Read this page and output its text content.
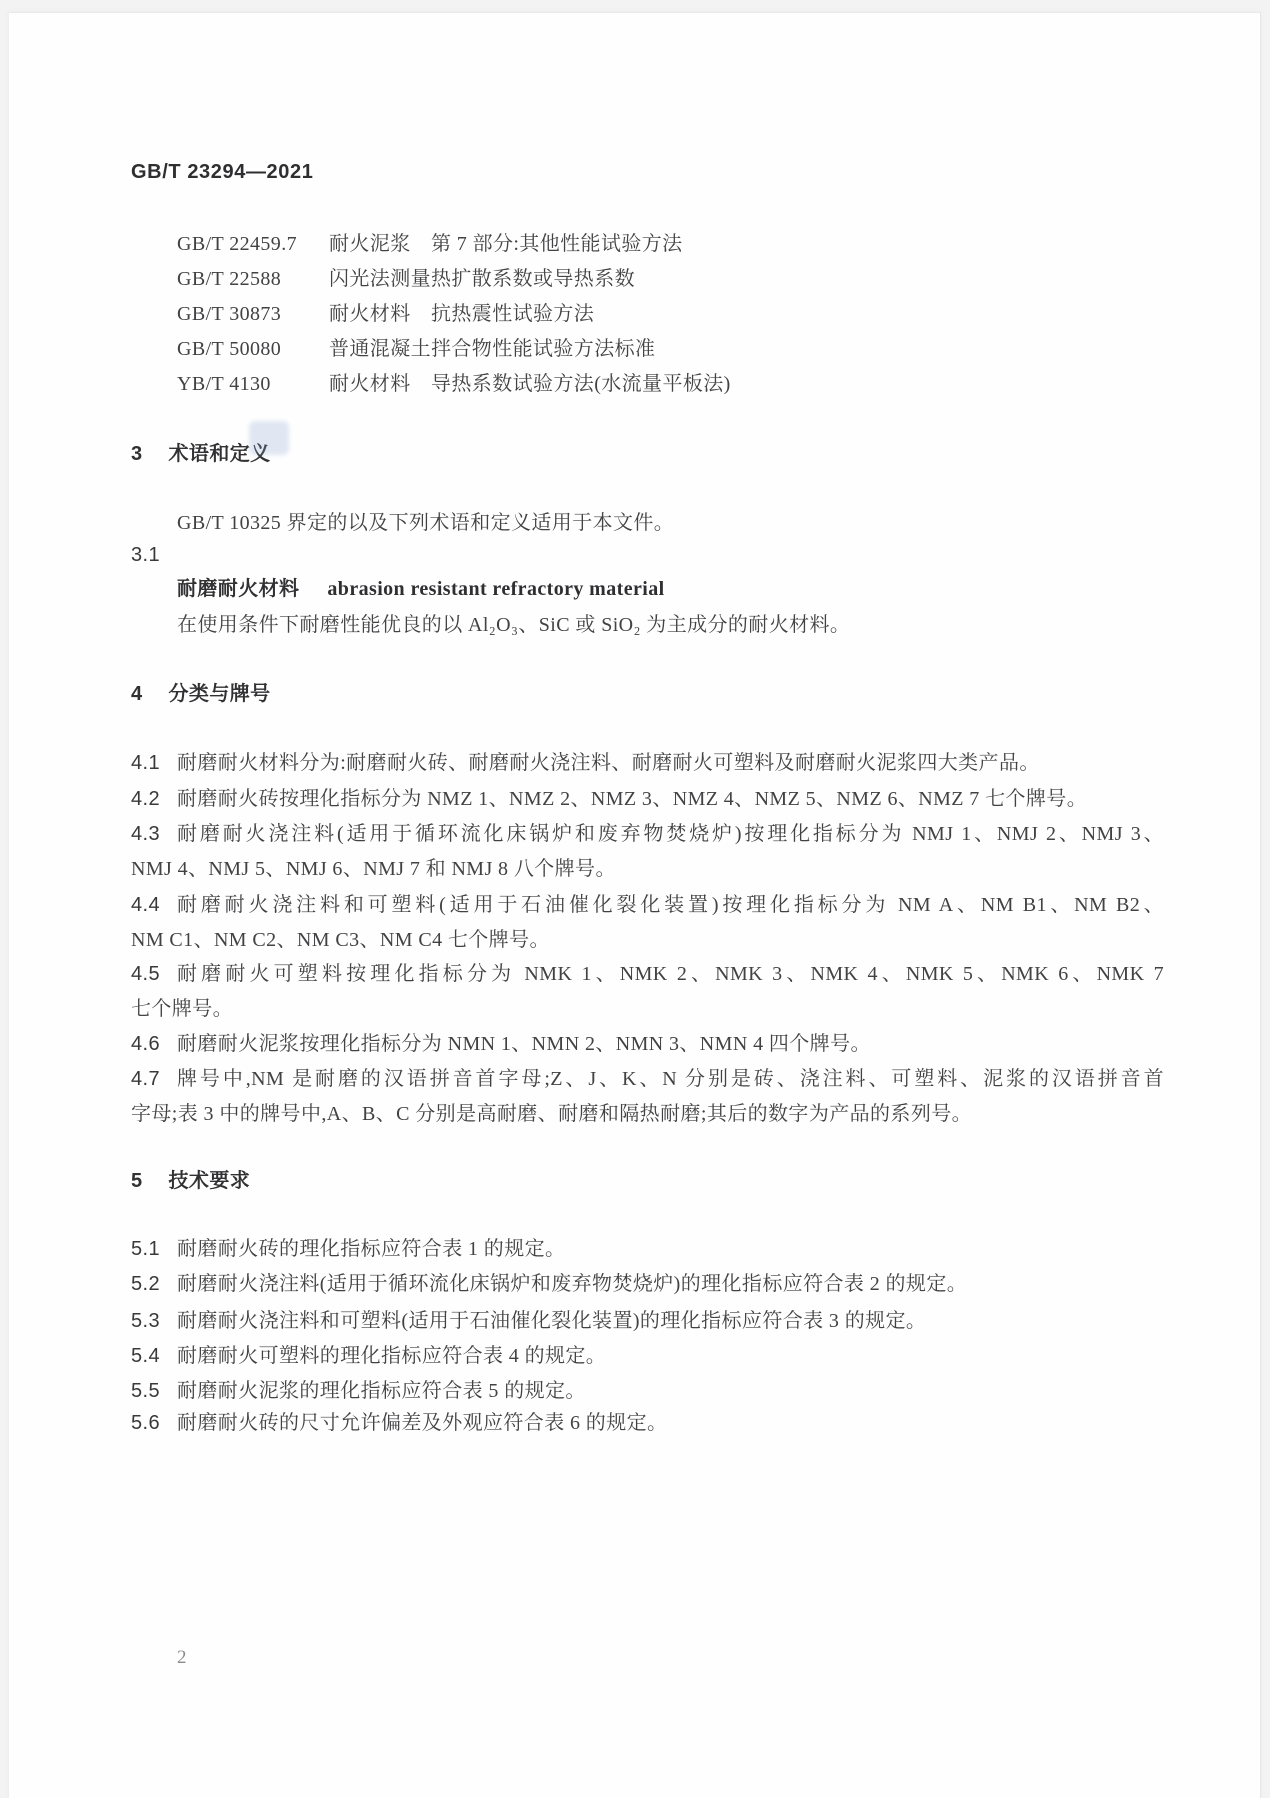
GB/T 23294—2021
GB/T 22459.7 耐火泥浆　第 7 部分:其他性能试验方法
GB/T 22588 闪光法测量热扩散系数或导热系数
GB/T 30873 耐火材料　抗热震性试验方法
GB/T 50080 普通混凝土拌合物性能试验方法标准
YB/T 4130	耐火材料　导热系数试验方法(水流量平板法)
3 术语和定义
GB/T 10325 界定的以及下列术语和定义适用于本文件。
3.1
耐磨耐火材料 abrasion resistant refractory material
在使用条件下耐磨性能优良的以 Al₂O₃、SiC 或 SiO₂ 为主成分的耐火材料。
4 分类与牌号
4.1 耐磨耐火材料分为:耐磨耐火砖、耐磨耐火浇注料、耐磨耐火可塑料及耐磨耐火泥浆四大类产品。
4.2 耐磨耐火砖按理化指标分为 NMZ 1、NMZ 2、NMZ 3、NMZ 4、NMZ 5、NMZ 6、NMZ 7 七个牌号。
4.3 耐磨耐火浇注料(适用于循环流化床锅炉和废弃物焚烧炉)按理化指标分为 NMJ 1、NMJ 2、NMJ 3、
NMJ 4、NMJ 5、NMJ 6、NMJ 7 和 NMJ 8 八个牌号。
4.4 耐磨耐火浇注料和可塑料(适用于石油催化裂化装置)按理化指标分为 NM A、NM B1、NM B2、
NM C1、NM C2、NM C3、NM C4 七个牌号。
4.5 耐磨耐火可塑料按理化指标分为 NMK 1、NMK 2、NMK 3、NMK 4、NMK 5、NMK 6、NMK 7
七个牌号。
4.6 耐磨耐火泥浆按理化指标分为 NMN 1、NMN 2、NMN 3、NMN 4 四个牌号。
4.7 牌号中,NM 是耐磨的汉语拼音首字母;Z、J、K、N 分别是砖、浇注料、可塑料、泥浆的汉语拼音首
字母;表 3 中的牌号中,A、B、C 分别是高耐磨、耐磨和隔热耐磨;其后的数字为产品的系列号。
5 技术要求
5.1 耐磨耐火砖的理化指标应符合表 1 的规定。
5.2 耐磨耐火浇注料(适用于循环流化床锅炉和废弃物焚烧炉)的理化指标应符合表 2 的规定。
5.3 耐磨耐火浇注料和可塑料(适用于石油催化裂化装置)的理化指标应符合表 3 的规定。
5.4 耐磨耐火可塑料的理化指标应符合表 4 的规定。
5.5 耐磨耐火泥浆的理化指标应符合表 5 的规定。
5.6 耐磨耐火砖的尺寸允许偏差及外观应符合表 6 的规定。
2
